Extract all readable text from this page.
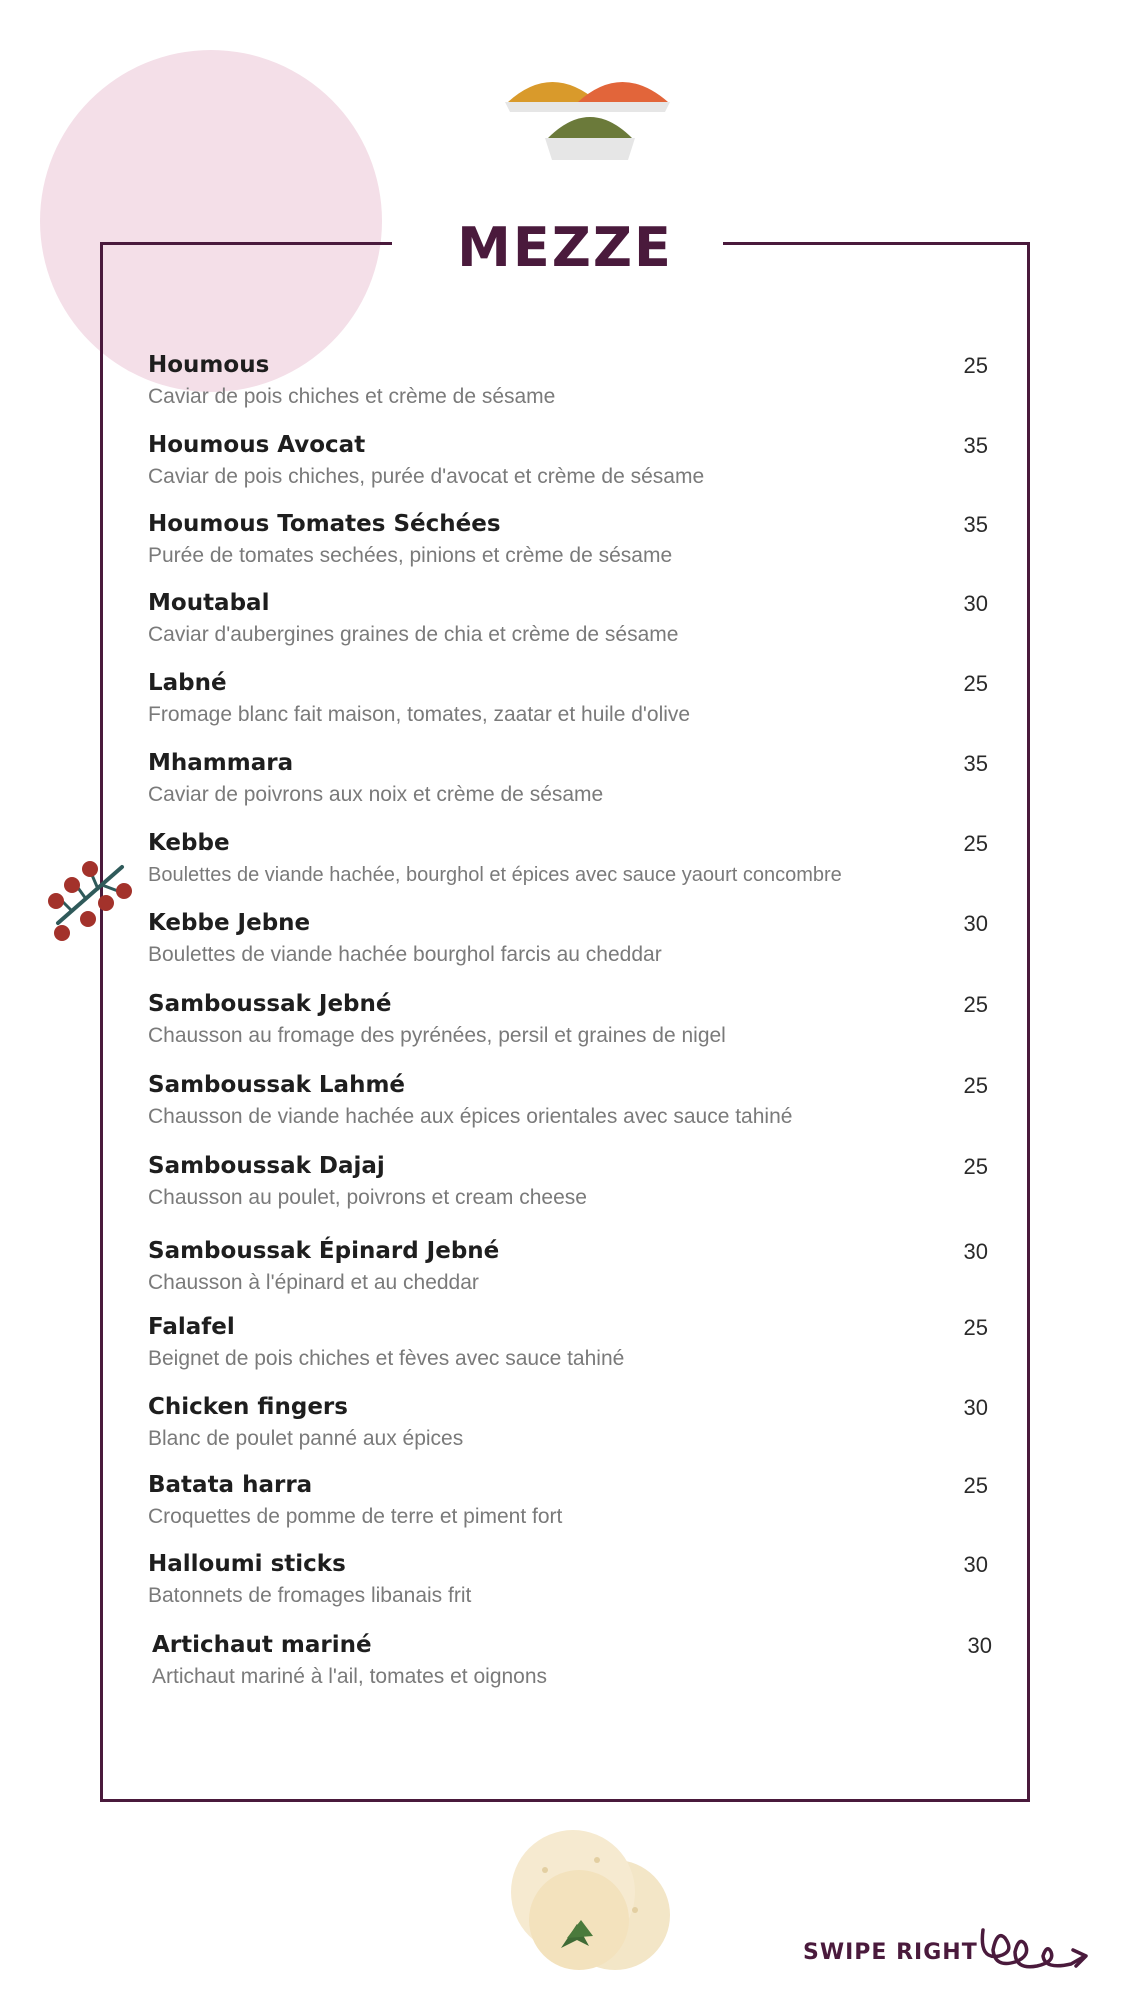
MEZZE
Houmous
Caviar de pois chiches et crème de sésame
25
Houmous Avocat
Caviar de pois chiches, purée d'avocat et crème de sésame
35
Houmous Tomates Séchées
Purée de tomates sechées, pinions et crème de sésame
35
Moutabal
Caviar d'aubergines graines de chia et crème de sésame
30
Labné
Fromage blanc fait maison, tomates, zaatar et huile d'olive
25
Mhammara
Caviar de poivrons aux noix et crème de sésame
35
Kebbe
Boulettes de viande hachée, bourghol et épices avec sauce yaourt concombre
25
Kebbe Jebne
Boulettes de viande hachée bourghol farcis au cheddar
30
Samboussak Jebné
Chausson au fromage des pyrénées, persil et graines de nigel
25
Samboussak Lahmé
Chausson de viande hachée aux épices orientales avec sauce tahiné
25
Samboussak Dajaj
Chausson au poulet, poivrons et cream cheese
25
Samboussak Épinard Jebné
Chausson à l'épinard et au cheddar
30
Falafel
Beignet de pois chiches et fèves avec sauce tahiné
25
Chicken fingers
Blanc de poulet panné aux épices
30
Batata harra
Croquettes de pomme de terre et piment fort
25
Halloumi sticks
Batonnets de fromages libanais frit
30
Artichaut mariné
Artichaut mariné à l'ail, tomates et oignons
30
SWIPE RIGHT
